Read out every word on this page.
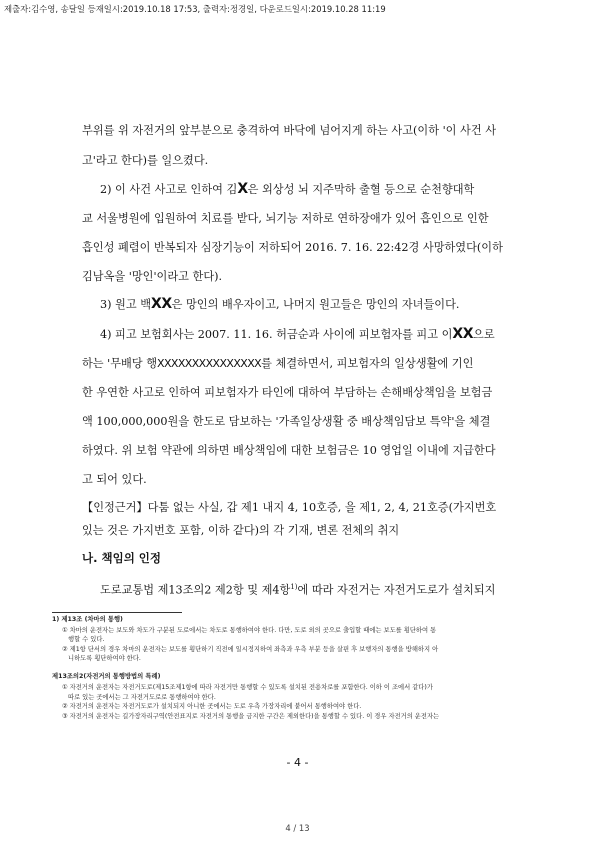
제출자:김수영, 송달일 등재일시:2019.10.18 17:53, 출력자:정경일, 다운로드일시:2019.10.28 11:19
부위를 위 자전거의 앞부분으로 충격하여 바닥에 넘어지게 하는 사고(이하 '이 사건 사
고'라고 한다)를 일으켰다.
2) 이 사건 사고로 인하여 김X은 외상성 뇌 지주막하 출혈 등으로 순천향대학
교 서울병원에 입원하여 치료를 받다, 뇌기능 저하로 연하장애가 있어 흡인으로 인한
흡인성 폐렴이 반복되자 심장기능이 저하되어 2016. 7. 16. 22:42경 사망하였다(이하
김남옥을 '망인'이라고 한다).
3) 원고 백XX은 망인의 배우자이고, 나머지 원고들은 망인의 자녀들이다.
4) 피고 보험회사는 2007. 11. 16. 허금순과 사이에 피보험자를 피고 이XX으로
하는 '무배당 행XXXXXXXXXXXXXXX를 체결하면서, 피보험자의 일상생활에 기인
한 우연한 사고로 인하여 피보험자가 타인에 대하여 부담하는 손해배상책임을 보험금
액 100,000,000원을 한도로 담보하는 '가족일상생활 중 배상책임담보 특약'을 체결
하였다. 위 보험 약관에 의하면 배상책임에 대한 보험금은 10 영업일 이내에 지급한다
고 되어 있다.
【인정근거】다툼 없는 사실, 갑 제1 내지 4, 10호증, 을 제1, 2, 4, 21호증(가지번호
있는 것은 가지번호 포함, 이하 같다)의 각 기재, 변론 전체의 취지
나. 책임의 인정
도로교통법 제13조의2 제2항 및 제4항$^{1)}$에 따라 자전거는 자전거도로가 설치되지
1) 제13조 (차마의 통행)
① 차마의 운전자는 보도와 차도가 구분된 도로에서는 차도로 통행하여야 한다. 다만, 도로 외의 곳으로 출입할 때에는 보도를 횡단하여 통
행할 수 있다.
② 제1항 단서의 경우 차마의 운전자는 보도를 횡단하기 직전에 일시정지하여 좌측과 우측 부분 등을 살핀 후 보행자의 통행을 방해하지 아
니하도록 횡단하여야 한다.
제13조의2(자전거의 통행방법의 특례)
① 자전거의 운전자는 자전거도로(제15조제1항에 따라 자전거만 통행할 수 있도록 설치된 전용차로를 포함한다. 이하 이 조에서 같다)가
따로 있는 곳에서는 그 자전거도로로 통행하여야 한다.
② 자전거의 운전자는 자전거도로가 설치되지 아니한 곳에서는 도로 우측 가장자리에 붙어서 통행하여야 한다.
③ 자전거의 운전자는 길가장자리구역(안전표지로 자전거의 통행을 금지한 구간은 제외한다)을 통행할 수 있다. 이 경우 자전거의 운전자는
- 4 -
4 / 13
